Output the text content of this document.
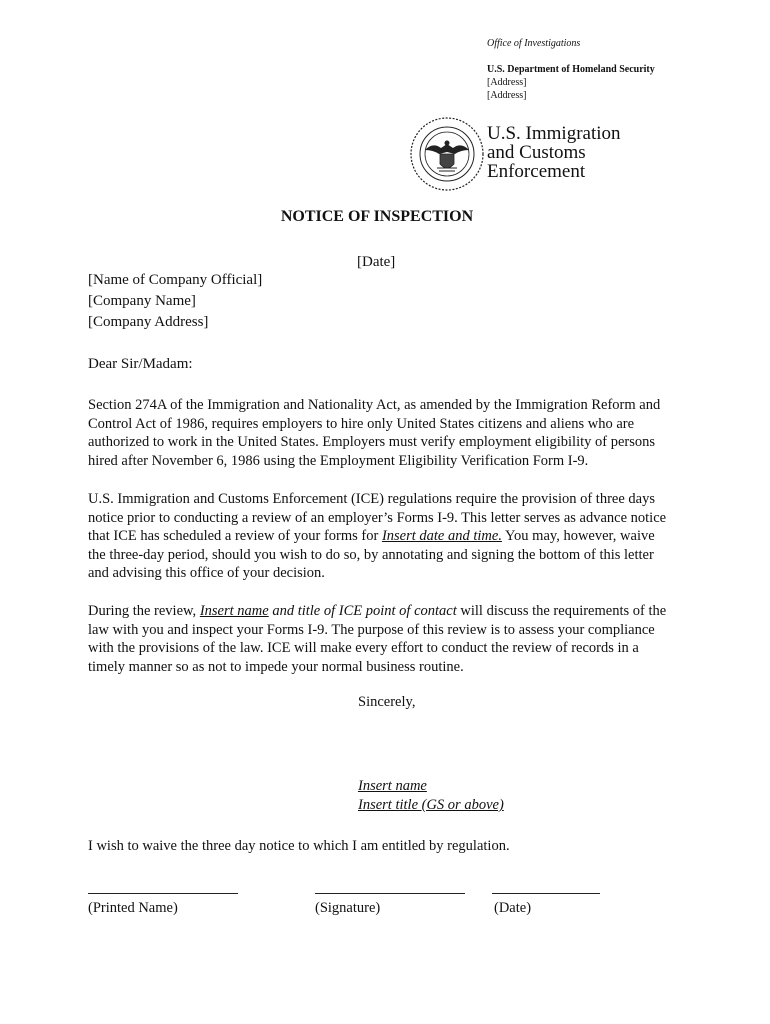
Office of Investigations
U.S. Department of Homeland Security
[Address]
[Address]
U.S. Immigration
and Customs
Enforcement
NOTICE OF INSPECTION
[Date]
[Name of Company Official]
[Company Name]
[Company Address]
Dear Sir/Madam:
Section 274A of the Immigration and Nationality Act, as amended by the Immigration Reform and Control Act of 1986, requires employers to hire only United States citizens and aliens who are authorized to work in the United States. Employers must verify employment eligibility of persons hired after November 6, 1986 using the Employment Eligibility Verification Form I-9.
U.S. Immigration and Customs Enforcement (ICE) regulations require the provision of three days notice prior to conducting a review of an employer’s Forms I-9. This letter serves as advance notice that ICE has scheduled a review of your forms for Insert date and time. You may, however, waive the three-day period, should you wish to do so, by annotating and signing the bottom of this letter and advising this office of your decision.
During the review, Insert name and title of ICE point of contact will discuss the requirements of the law with you and inspect your Forms I-9. The purpose of this review is to assess your compliance with the provisions of the law. ICE will make every effort to conduct the review of records in a timely manner so as not to impede your normal business routine.
Sincerely,
Insert name
Insert title (GS or above)
I wish to waive the three day notice to which I am entitled by regulation.
(Printed Name)	(Signature)	(Date)
